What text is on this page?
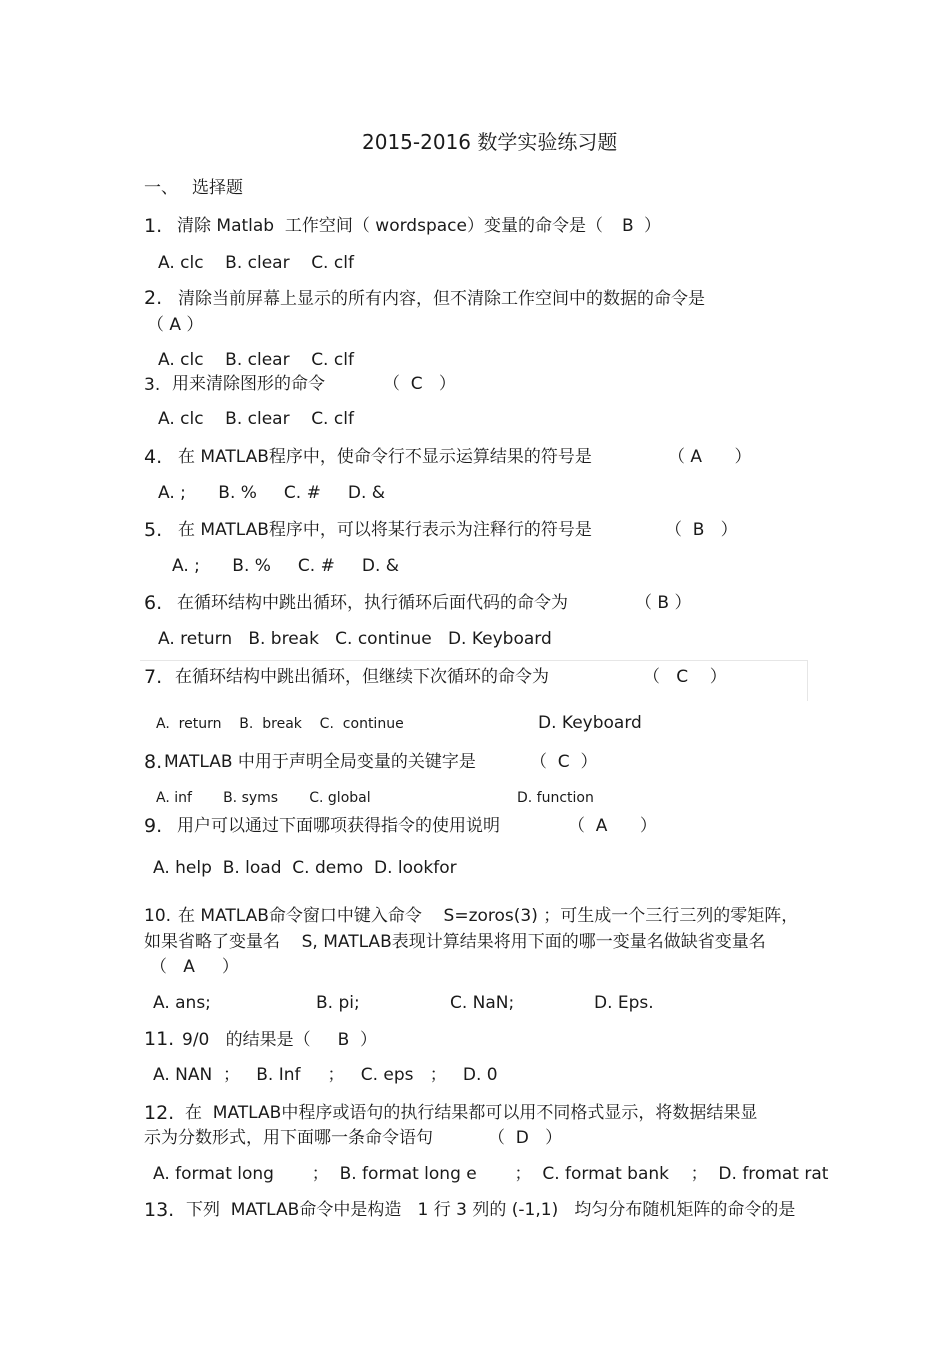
2015-2016 数学实验练习题
一、 选择题
1. 清除 Matlab  工作空间（ wordspace）变量的命令是（ B ）
A. clc    B. clear    C. clf
2. 清除当前屏幕上显示的所有内容，但不清除工作空间中的数据的命令是
（ A ）
A. clc    B. clear    C. clf
3. 用来清除图形的命令	（  C   ）
A. clc    B. clear    C. clf
4. 在 MATLAB程序中，使命令行不显示运算结果的符号是	（ A      ）
A. ;      B. %     C. #     D. &
5. 在 MATLAB程序中，可以将某行表示为注释行的符号是	（  B   ）
A. ;      B. %     C. #     D. &
6. 在循环结构中跳出循环，执行循环后面代码的命令为	（ B ）
A. return   B. break   C. continue   D. Keyboard
7. 在循环结构中跳出循环，但继续下次循环的命令为	（   C    ）
A.  return    B.  break    C.  continue	D. Keyboard
8. MATLAB 中用于声明全局变量的关键字是	（  C  ）
A. inf       B. syms       C. global	D. function
9. 用户可以通过下面哪项获得指令的使用说明	（  A      ）
A. help  B. load  C. demo  D. lookfor
10. 在 MATLAB命令窗口中键入命令    S=zoros(3) ；可生成一个三行三列的零矩阵，
如果省略了变量名    S, MATLAB表现计算结果将用下面的哪一变量名做缺省变量名
（   A     ）
A. ans;	B. pi;	C. NaN;	D. Eps.
11. 9/0   的结果是（     B  ）
A. NAN  ；   B. Inf     ；   C. eps   ；   D. 0
12. 在  MATLAB中程序或语句的执行结果都可以用不同格式显示，将数据结果显
示为分数形式，用下面哪一条命令语句	（  D   ）
A. format long       ；  B. format long e       ；  C. format bank    ；  D. fromat rat
13. 下列  MATLAB命令中是构造   1 行 3 列的 (-1,1)   均匀分布随机矩阵的命令的是
